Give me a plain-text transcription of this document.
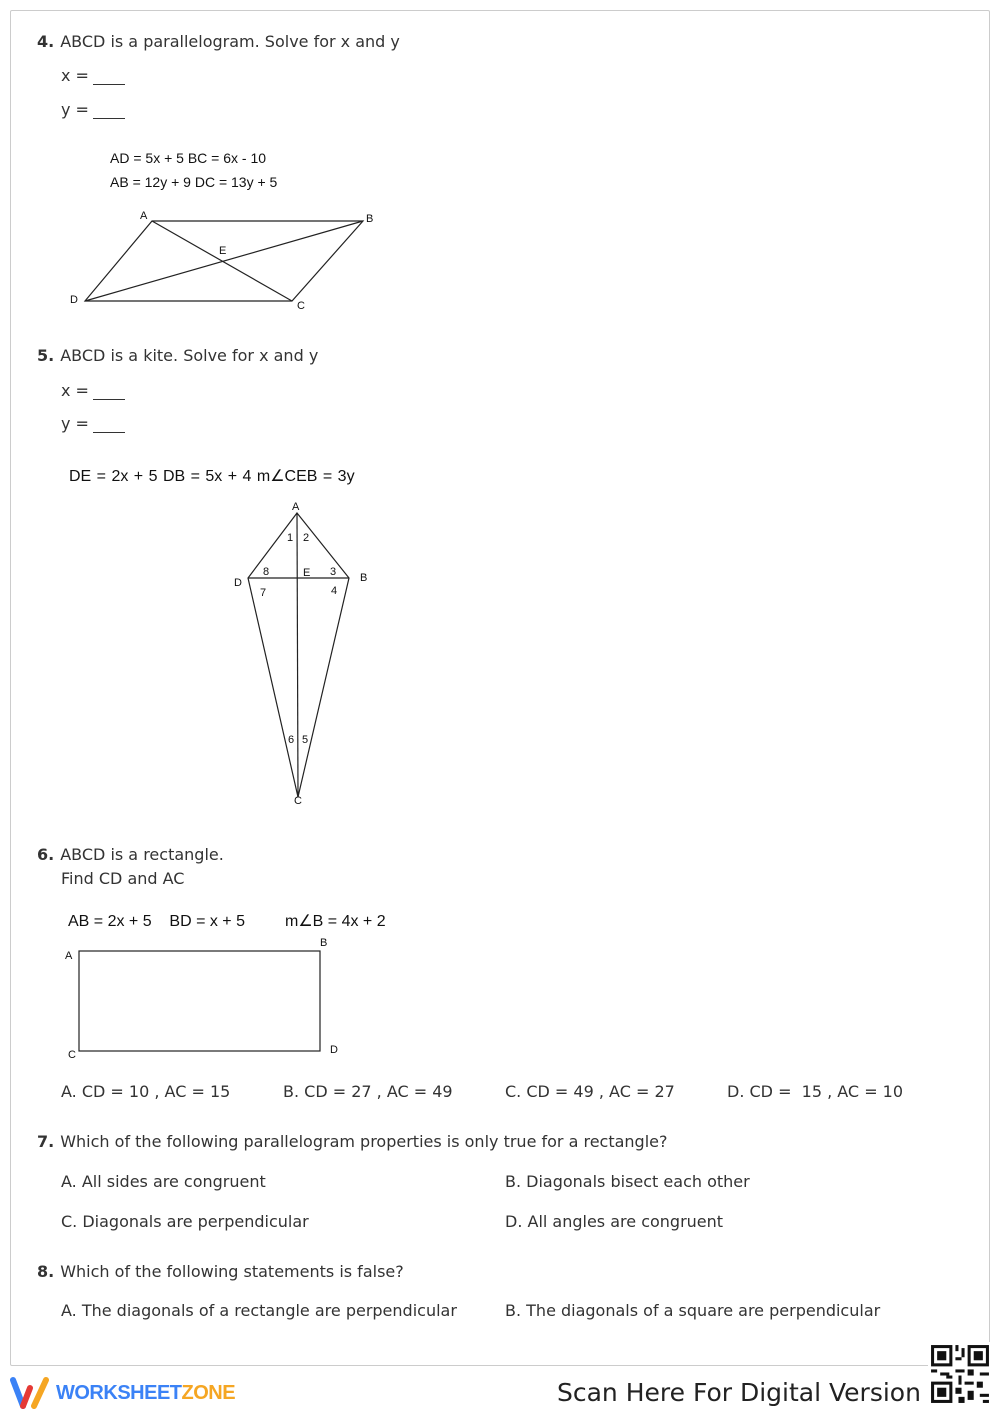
4. ABCD is a parallelogram. Solve for x and y
x =
y =
AD = 5x + 5 BC = 6x - 10
AB = 12y + 9 DC = 13y + 5
5. ABCD is a kite. Solve for x and y
x =
y =
DE = 2x + 5 DB = 5x + 4 m∠CEB = 3y
6. ABCD is a rectangle.
Find CD and AC
AB = 2x + 5    BD = x + 5         m∠B = 4x + 2
A. CD = 10 , AC = 15	B. CD = 27 , AC = 49	C. CD = 49 , AC = 27	D. CD =  15 , AC = 10
7. Which of the following parallelogram properties is only true for a rectangle?
A. All sides are congruent	B. Diagonals bisect each other
C. Diagonals are perpendicular	D. All angles are congruent
8. Which of the following statements is false?
A. The diagonals of a rectangle are perpendicular	B. The diagonals of a square are perpendicular
A	B
C
D
E
A
B
C
D
E
1 2
3
4
5
6
7
8
A
B
C	D
WORKSHEETZONE	Scan Here For Digital Version
